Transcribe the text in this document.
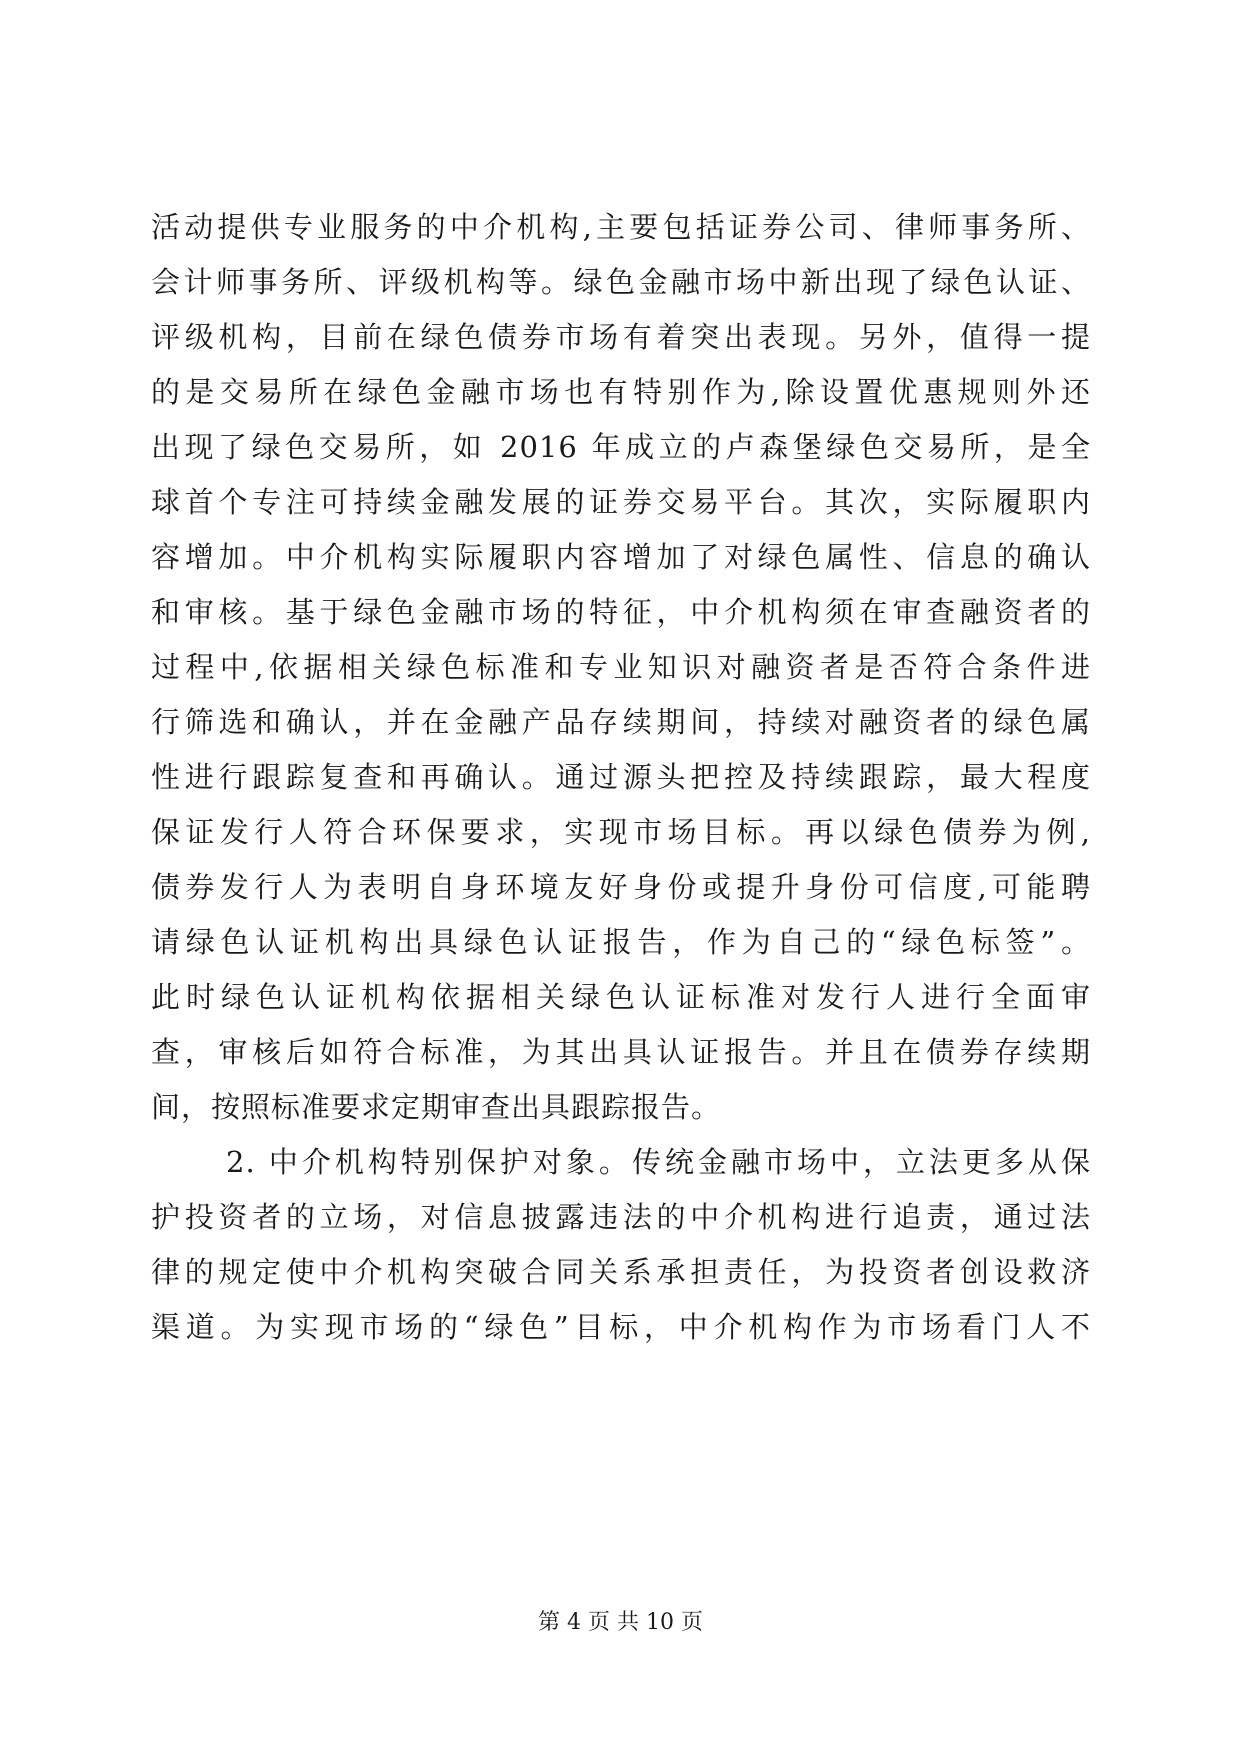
活动提供专业服务的中介机构,主要包括证券公司、律师事务所、
会计师事务所、评级机构等。绿色金融市场中新出现了绿色认证、
评级机构，目前在绿色债券市场有着突出表现。另外，值得一提
的是交易所在绿色金融市场也有特别作为,除设置优惠规则外还
出现了绿色交易所，如 2016 年成立的卢森堡绿色交易所，是全
球首个专注可持续金融发展的证券交易平台。其次，实际履职内
容增加。中介机构实际履职内容增加了对绿色属性、信息的确认
和审核。基于绿色金融市场的特征，中介机构须在审查融资者的
过程中,依据相关绿色标准和专业知识对融资者是否符合条件进
行筛选和确认，并在金融产品存续期间，持续对融资者的绿色属
性进行跟踪复查和再确认。通过源头把控及持续跟踪，最大程度
保证发行人符合环保要求，实现市场目标。再以绿色债券为例,
债券发行人为表明自身环境友好身份或提升身份可信度,可能聘
请绿色认证机构出具绿色认证报告，作为自己的“绿色标签”。
此时绿色认证机构依据相关绿色认证标准对发行人进行全面审
查，审核后如符合标准，为其出具认证报告。并且在债券存续期
间，按照标准要求定期审查出具跟踪报告。
2. 中介机构特别保护对象。传统金融市场中，立法更多从保
护投资者的立场，对信息披露违法的中介机构进行追责，通过法
律的规定使中介机构突破合同关系承担责任，为投资者创设救济
渠道。为实现市场的“绿色”目标，中介机构作为市场看门人不
第 4 页 共 10 页
